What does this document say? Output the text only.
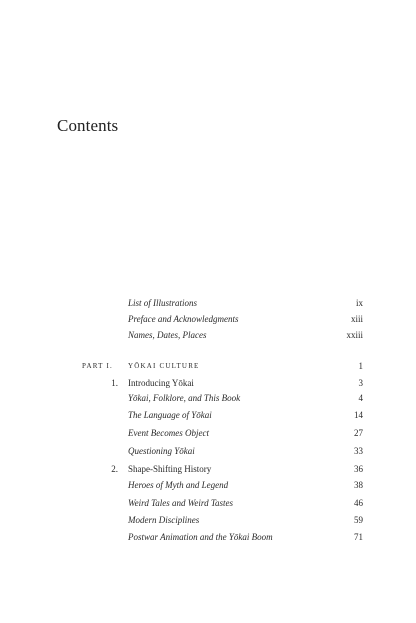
Contents
List of Illustrations	ix
Preface and Acknowledgments	xiii
Names, Dates, Places	xxiii
PART I. YŌKAI CULTURE	1
1. Introducing Yōkai	3
Yōkai, Folklore, and This Book	4
The Language of Yōkai	14
Event Becomes Object	27
Questioning Yōkai	33
2. Shape-Shifting History	36
Heroes of Myth and Legend	38
Weird Tales and Weird Tastes	46
Modern Disciplines	59
Postwar Animation and the Yōkai Boom	71
